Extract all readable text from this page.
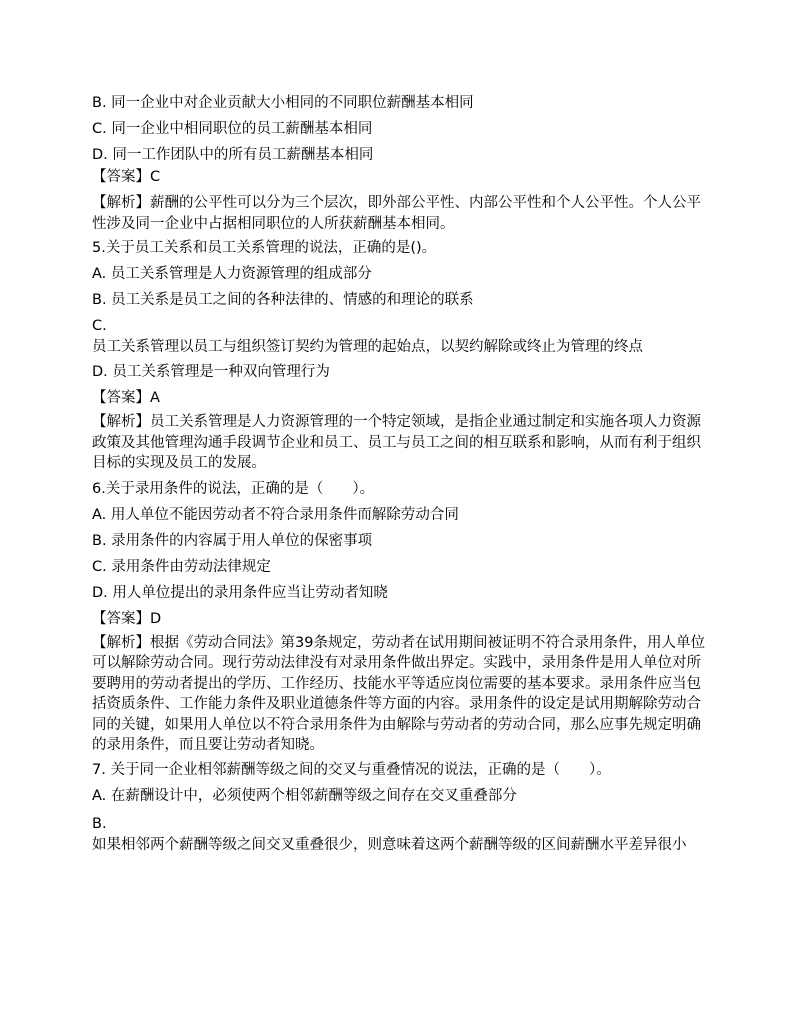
B. 同一企业中对企业贡献大小相同的不同职位薪酬基本相同

C. 同一企业中相同职位的员工薪酬基本相同

D. 同一工作团队中的所有员工薪酬基本相同

【答案】C

【解析】薪酬的公平性可以分为三个层次，即外部公平性、内部公平性和个人公平性。个人公平性涉及同一企业中占据相同职位的人所获薪酬基本相同。

5.关于员工关系和员工关系管理的说法，正确的是()。

A. 员工关系管理是人力资源管理的组成部分

B. 员工关系是员工之间的各种法律的、情感的和理论的联系

C.

员工关系管理以员工与组织签订契约为管理的起始点，以契约解除或终止为管理的终点

D. 员工关系管理是一种双向管理行为

【答案】A

【解析】员工关系管理是人力资源管理的一个特定领域，是指企业通过制定和实施各项人力资源政策及其他管理沟通手段调节企业和员工、员工与员工之间的相互联系和影响，从而有利于组织目标的实现及员工的发展。

6.关于录用条件的说法，正确的是（　　）。

A. 用人单位不能因劳动者不符合录用条件而解除劳动合同

B. 录用条件的内容属于用人单位的保密事项

C. 录用条件由劳动法律规定

D. 用人单位提出的录用条件应当让劳动者知晓

【答案】D

【解析】根据《劳动合同法》第39条规定，劳动者在试用期间被证明不符合录用条件，用人单位可以解除劳动合同。现行劳动法律没有对录用条件做出界定。实践中，录用条件是用人单位对所要聘用的劳动者提出的学历、工作经历、技能水平等适应岗位需要的基本要求。录用条件应当包括资质条件、工作能力条件及职业道德条件等方面的内容。录用条件的设定是试用期解除劳动合同的关键，如果用人单位以不符合录用条件为由解除与劳动者的劳动合同，那么应事先规定明确的录用条件，而且要让劳动者知晓。

7. 关于同一企业相邻薪酬等级之间的交叉与重叠情况的说法，正确的是（　　）。

A. 在薪酬设计中，必须使两个相邻薪酬等级之间存在交叉重叠部分

B.

如果相邻两个薪酬等级之间交叉重叠很少，则意味着这两个薪酬等级的区间薪酬水平差异很小
